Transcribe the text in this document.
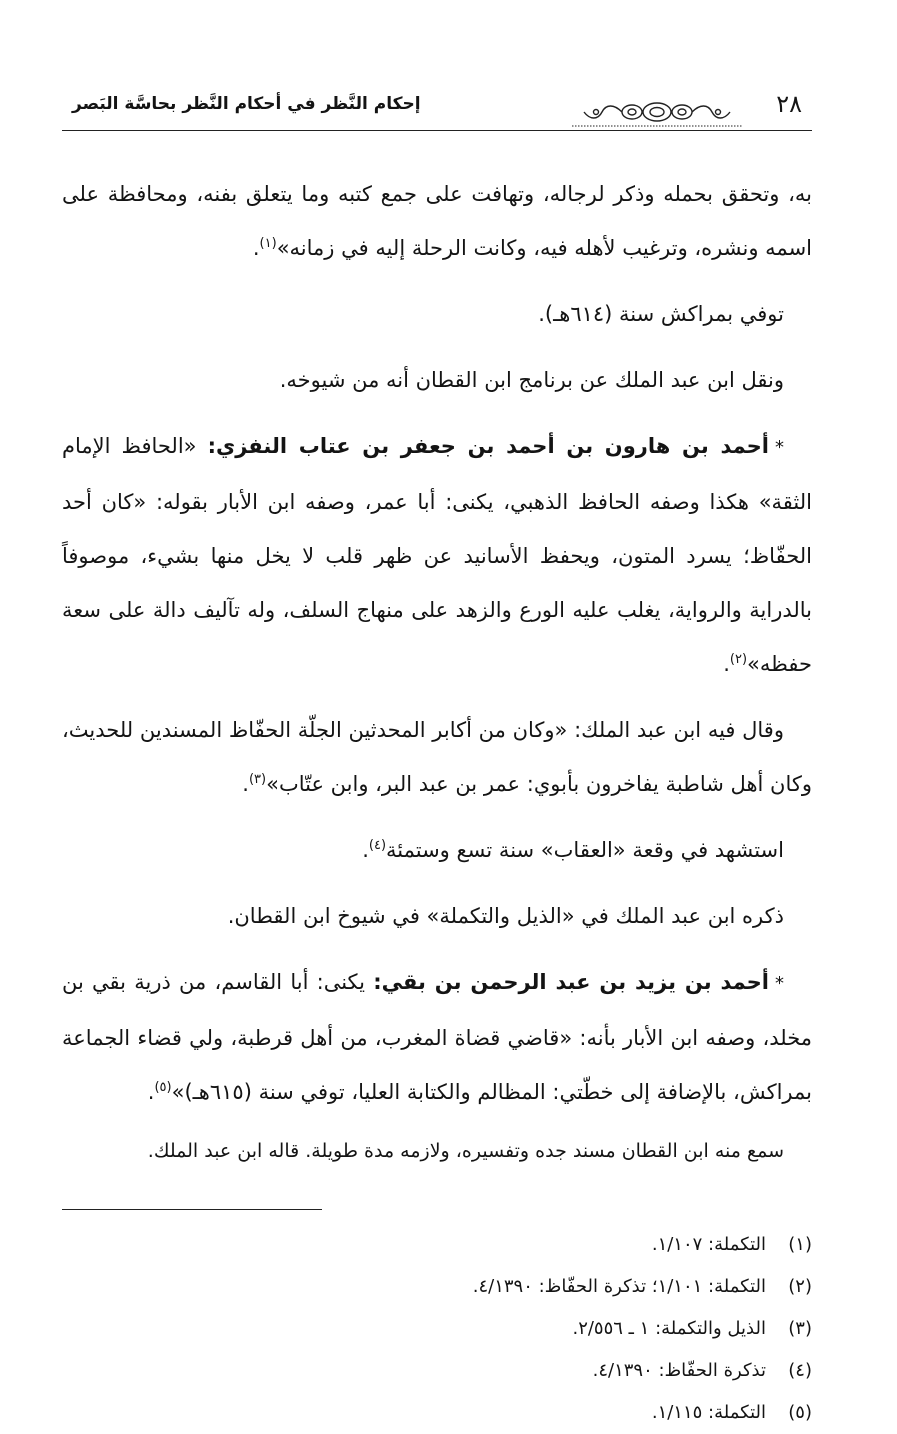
٢٨
إحكام النَّظر في أحكام النَّظر بحاسَّة البَصر

به، وتحقق بحمله وذكر لرجاله، وتهافت على جمع كتبه وما يتعلق بفنه، ومحافظة على اسمه ونشره، وترغيب لأهله فيه، وكانت الرحلة إليه في زمانه»$^{(١)}$.

توفي بمراكش سنة (٦١٤هـ).

ونقل ابن عبد الملك عن برنامج ابن القطان أنه من شيوخه.

*أحمد بن هارون بن أحمد بن جعفر بن عتاب النفزي: «الحافظ الإمام الثقة» هكذا وصفه الحافظ الذهبي، يكنى: أبا عمر، وصفه ابن الأبار بقوله: «كان أحد الحفّاظ؛ يسرد المتون، ويحفظ الأسانيد عن ظهر قلب لا يخل منها بشيء، موصوفاً بالدراية والرواية، يغلب عليه الورع والزهد على منهاج السلف، وله تآليف دالة على سعة حفظه»$^{(٢)}$.

وقال فيه ابن عبد الملك: «وكان من أكابر المحدثين الجلّة الحفّاظ المسندين للحديث، وكان أهل شاطبة يفاخرون بأبوي: عمر بن عبد البر، وابن عتّاب»$^{(٣)}$.

استشهد في وقعة «العقاب» سنة تسع وستمئة$^{(٤)}$.

ذكره ابن عبد الملك في «الذيل والتكملة» في شيوخ ابن القطان.

*أحمد بن يزيد بن عبد الرحمن بن بقي: يكنى: أبا القاسم، من ذرية بقي بن مخلد، وصفه ابن الأبار بأنه: «قاضي قضاة المغرب، من أهل قرطبة، ولي قضاء الجماعة بمراكش، بالإضافة إلى خطّتي: المظالم والكتابة العليا، توفي سنة (٦١٥هـ)»$^{(٥)}$.

سمع منه ابن القطان مسند جده وتفسيره، ولازمه مدة طويلة. قاله ابن عبد الملك.

(١)التكملة: ١/١٠٧.
(٢)التكملة: ١/١٠١؛ تذكرة الحفّاظ: ٤/١٣٩٠.
(٣)الذيل والتكملة: ١ ـ ٢/٥٥٦.
(٤)تذكرة الحفّاظ: ٤/١٣٩٠.
(٥)التكملة: ١/١١٥.
